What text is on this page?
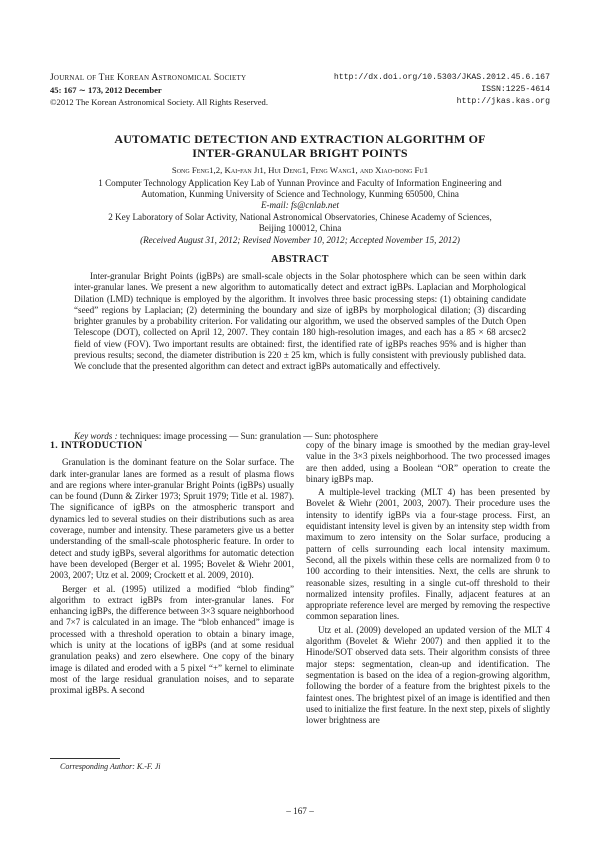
Journal of The Korean Astronomical Society
45: 167 ∼ 173, 2012 December
©2012 The Korean Astronomical Society. All Rights Reserved.
http://dx.doi.org/10.5303/JKAS.2012.45.6.167
ISSN:1225-4614
http://jkas.kas.org
AUTOMATIC DETECTION AND EXTRACTION ALGORITHM OF
INTER-GRANULAR BRIGHT POINTS
Song Feng1,2, Kai-fan Ji1, Hui Deng1, Feng Wang1, and Xiao-dong Fu1
1 Computer Technology Application Key Lab of Yunnan Province and Faculty of Information Engineering and
Automation, Kunming University of Science and Technology, Kunming 650500, China
E-mail: fs@cnlab.net
2 Key Laboratory of Solar Activity, National Astronomical Observatories, Chinese Academy of Sciences,
Beijing 100012, China
(Received August 31, 2012; Revised November 10, 2012; Accepted November 15, 2012)
ABSTRACT
Inter-granular Bright Points (igBPs) are small-scale objects in the Solar photosphere which can be seen within dark inter-granular lanes. We present a new algorithm to automatically detect and extract igBPs. Laplacian and Morphological Dilation (LMD) technique is employed by the algorithm. It involves three basic processing steps: (1) obtaining candidate “seed” regions by Laplacian; (2) determining the boundary and size of igBPs by morphological dilation; (3) discarding brighter granules by a probability criterion. For validating our algorithm, we used the observed samples of the Dutch Open Telescope (DOT), collected on April 12, 2007. They contain 180 high-resolution images, and each has a 85 × 68 arcsec2 field of view (FOV). Two important results are obtained: first, the identified rate of igBPs reaches 95% and is higher than previous results; second, the diameter distribution is 220 ± 25 km, which is fully consistent with previously published data. We conclude that the presented algorithm can detect and extract igBPs automatically and effectively.
Key words : techniques: image processing — Sun: granulation — Sun: photosphere
1. INTRODUCTION

Granulation is the dominant feature on the Solar surface. The dark inter-granular lanes are formed as a result of plasma flows and are regions where inter-granular Bright Points (igBPs) usually can be found (Dunn & Zirker 1973; Spruit 1979; Title et al. 1987). The significance of igBPs on the atmospheric transport and dynamics led to several studies on their distributions such as area coverage, number and intensity. These parameters give us a better understanding of the small-scale photospheric feature. In order to detect and study igBPs, several algorithms for automatic detection have been developed (Berger et al. 1995; Bovelet & Wiehr 2001, 2003, 2007; Utz et al. 2009; Crockett et al. 2009, 2010).

Berger et al. (1995) utilized a modified “blob finding” algorithm to extract igBPs from inter-granular lanes. For enhancing igBPs, the difference between 3×3 square neighborhood and 7×7 is calculated in an image. The “blob enhanced” image is processed with a threshold operation to obtain a binary image, which is unity at the locations of igBPs (and at some residual granulation peaks) and zero elsewhere. One copy of the binary image is dilated and eroded with a 5 pixel “+” kernel to eliminate most of the large residual granulation noises, and to separate proximal igBPs. A second

copy of the binary image is smoothed by the median gray-level value in the 3×3 pixels neighborhood. The two processed images are then added, using a Boolean “OR” operation to create the binary igBPs map.

A multiple-level tracking (MLT 4) has been presented by Bovelet & Wiehr (2001, 2003, 2007). Their procedure uses the intensity to identify igBPs via a four-stage process. First, an equidistant intensity level is given by an intensity step width from maximum to zero intensity on the Solar surface, producing a pattern of cells surrounding each local intensity maximum. Second, all the pixels within these cells are normalized from 0 to 100 according to their intensities. Next, the cells are shrunk to reasonable sizes, resulting in a single cut-off threshold to their normalized intensity profiles. Finally, adjacent features at an appropriate reference level are merged by removing the respective common separation lines.

Utz et al. (2009) developed an updated version of the MLT 4 algorithm (Bovelet & Wiehr 2007) and then applied it to the Hinode/SOT observed data sets. Their algorithm consists of three major steps: segmentation, clean-up and identification. The segmentation is based on the idea of a region-growing algorithm, following the border of a feature from the brightest pixels to the faintest ones. The brightest pixel of an image is identified and then used to initialize the first feature. In the next step, pixels of slightly lower brightness are

Corresponding Author: K.-F. Ji
– 167 –
